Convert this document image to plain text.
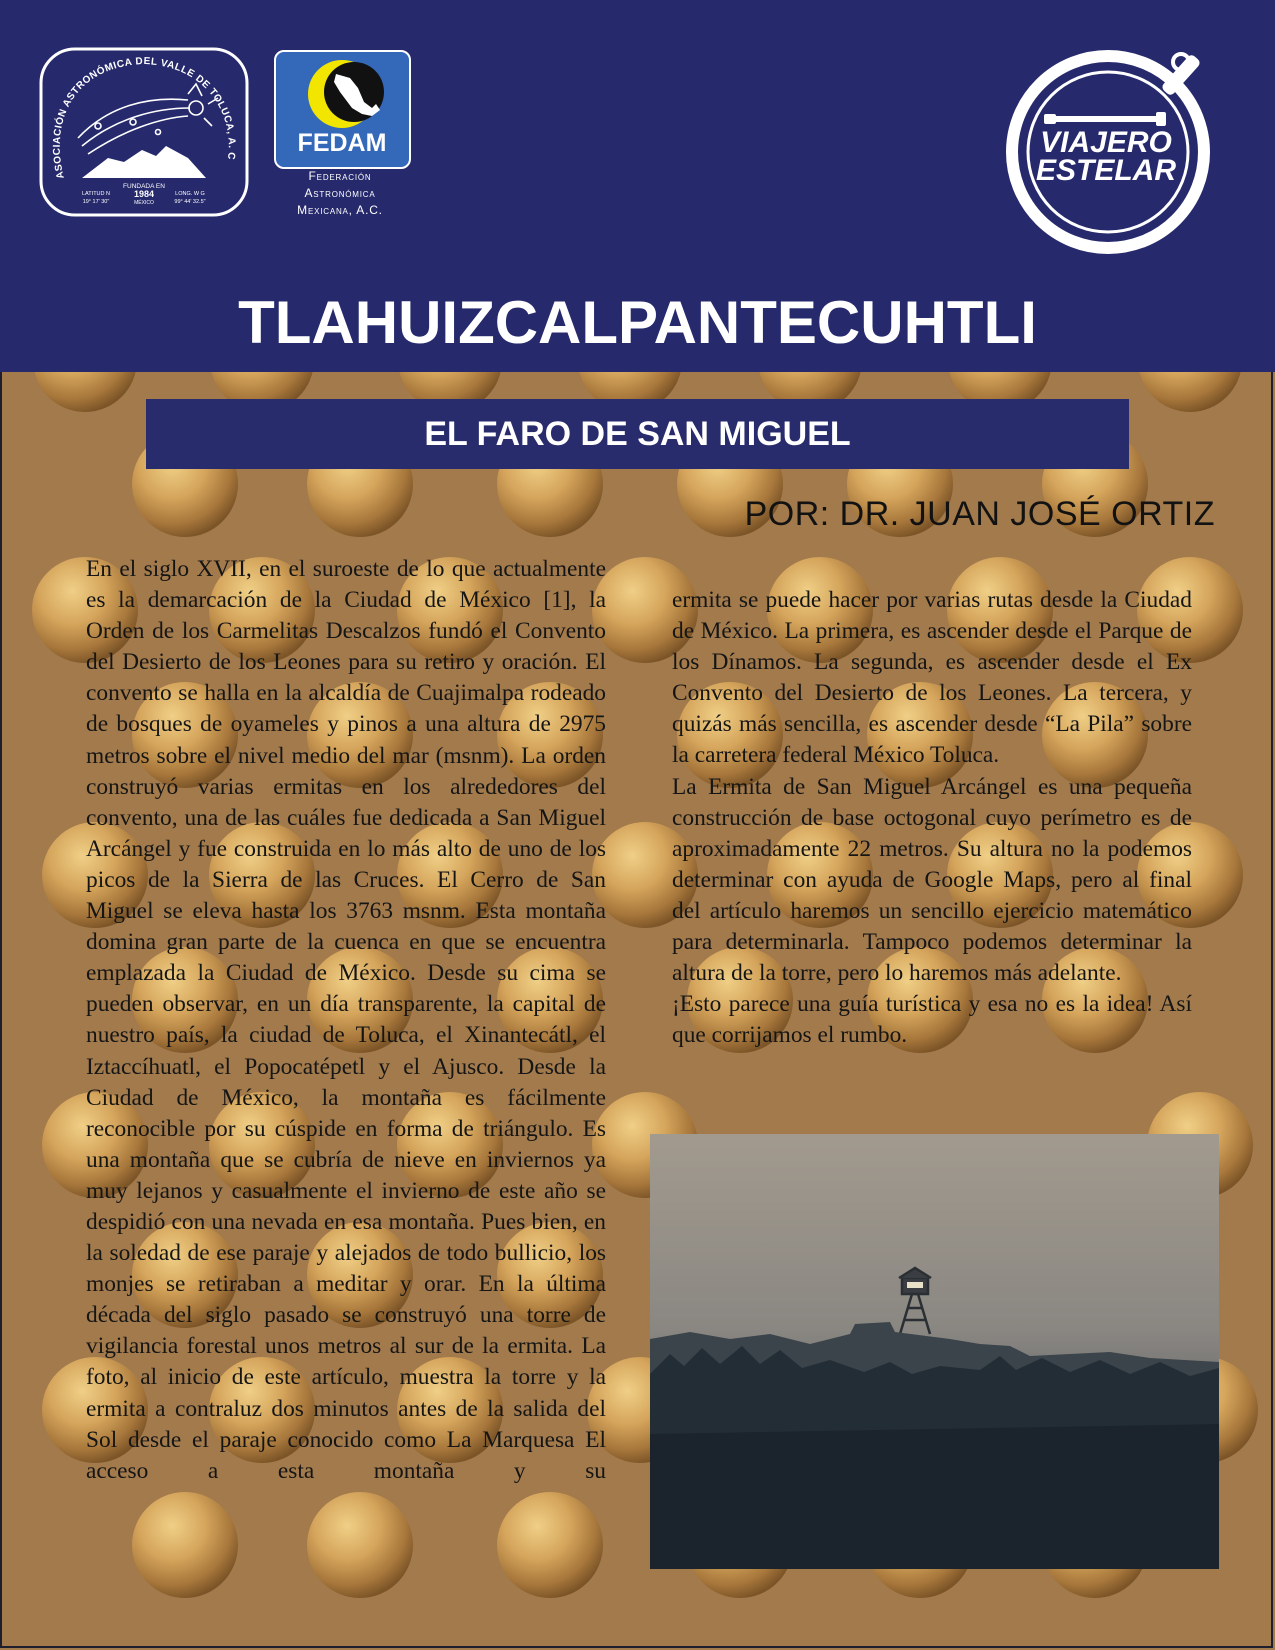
ASOCIACIÓN ASTRONÓMICA DEL VALLE DE TOLUCA, A. C
FUNDADA EN
1984
MÉXICO
LATITUD N
19° 17' 30"
LONG. W G
99° 44' 32.5"
FEDAM
Federación
Astronómica
Mexicana, A.C.
VIAJERO
ESTELAR
TLAHUIZCALPANTECUHTLI
EL FARO DE SAN MIGUEL
POR: DR. JUAN JOSÉ ORTIZ

En el siglo XVII, en el suroeste de lo que actualmente es la demarcación de la Ciudad de México [1], la Orden de los Carmelitas Descalzos fundó el Convento del Desierto de los Leones para su retiro y oración. El convento se halla en la alcaldía de Cuajimalpa rodeado de bosques de oyameles y pinos a una altura de 2975 metros sobre el nivel medio del mar (msnm). La orden construyó varias ermitas en los alrededores del convento, una de las cuáles fue dedicada a San Miguel Arcángel y fue construida en lo más alto de uno de los picos de la Sierra de las Cruces. El Cerro de San Miguel se eleva hasta los 3763 msnm. Esta montaña domina gran parte de la cuenca en que se encuentra emplazada la Ciudad de México. Desde su cima se pueden observar, en un día transparente, la capital de nuestro país, la ciudad de Toluca, el Xinantecátl, el Iztaccíhuatl, el Popocatépetl y el Ajusco. Desde la Ciudad de México, la montaña es fácilmente reconocible por su cúspide en forma de triángulo. Es una montaña que se cubría de nieve en inviernos ya muy lejanos y casualmente el invierno de este año se despidió con una nevada en esa montaña. Pues bien, en la soledad de ese paraje y alejados de todo bullicio, los monjes se retiraban a meditar y orar. En la última década del siglo pasado se construyó una torre de vigilancia forestal unos metros al sur de la ermita. La foto, al inicio de este artículo, muestra la torre y la ermita a contraluz dos minutos antes de la salida del Sol desde el paraje conocido como La Marquesa El acceso a esta montaña y su

ermita se puede hacer por varias rutas desde la Ciudad de México. La primera, es ascender desde el Parque de los Dínamos. La segunda, es ascender desde el Ex Convento del Desierto de los Leones. La tercera, y quizás más sencilla, es ascender desde “La Pila” sobre la carretera federal México Toluca.

La Ermita de San Miguel Arcángel es una pequeña construcción de base octogonal cuyo perímetro es de aproximadamente 22 metros. Su altura no la podemos determinar con ayuda de Google Maps, pero al final del artículo haremos un sencillo ejercicio matemático para determinarla. Tampoco podemos determinar la altura de la torre, pero lo haremos más adelante.

¡Esto parece una guía turística y esa no es la idea! Así que corrijamos el rumbo.
